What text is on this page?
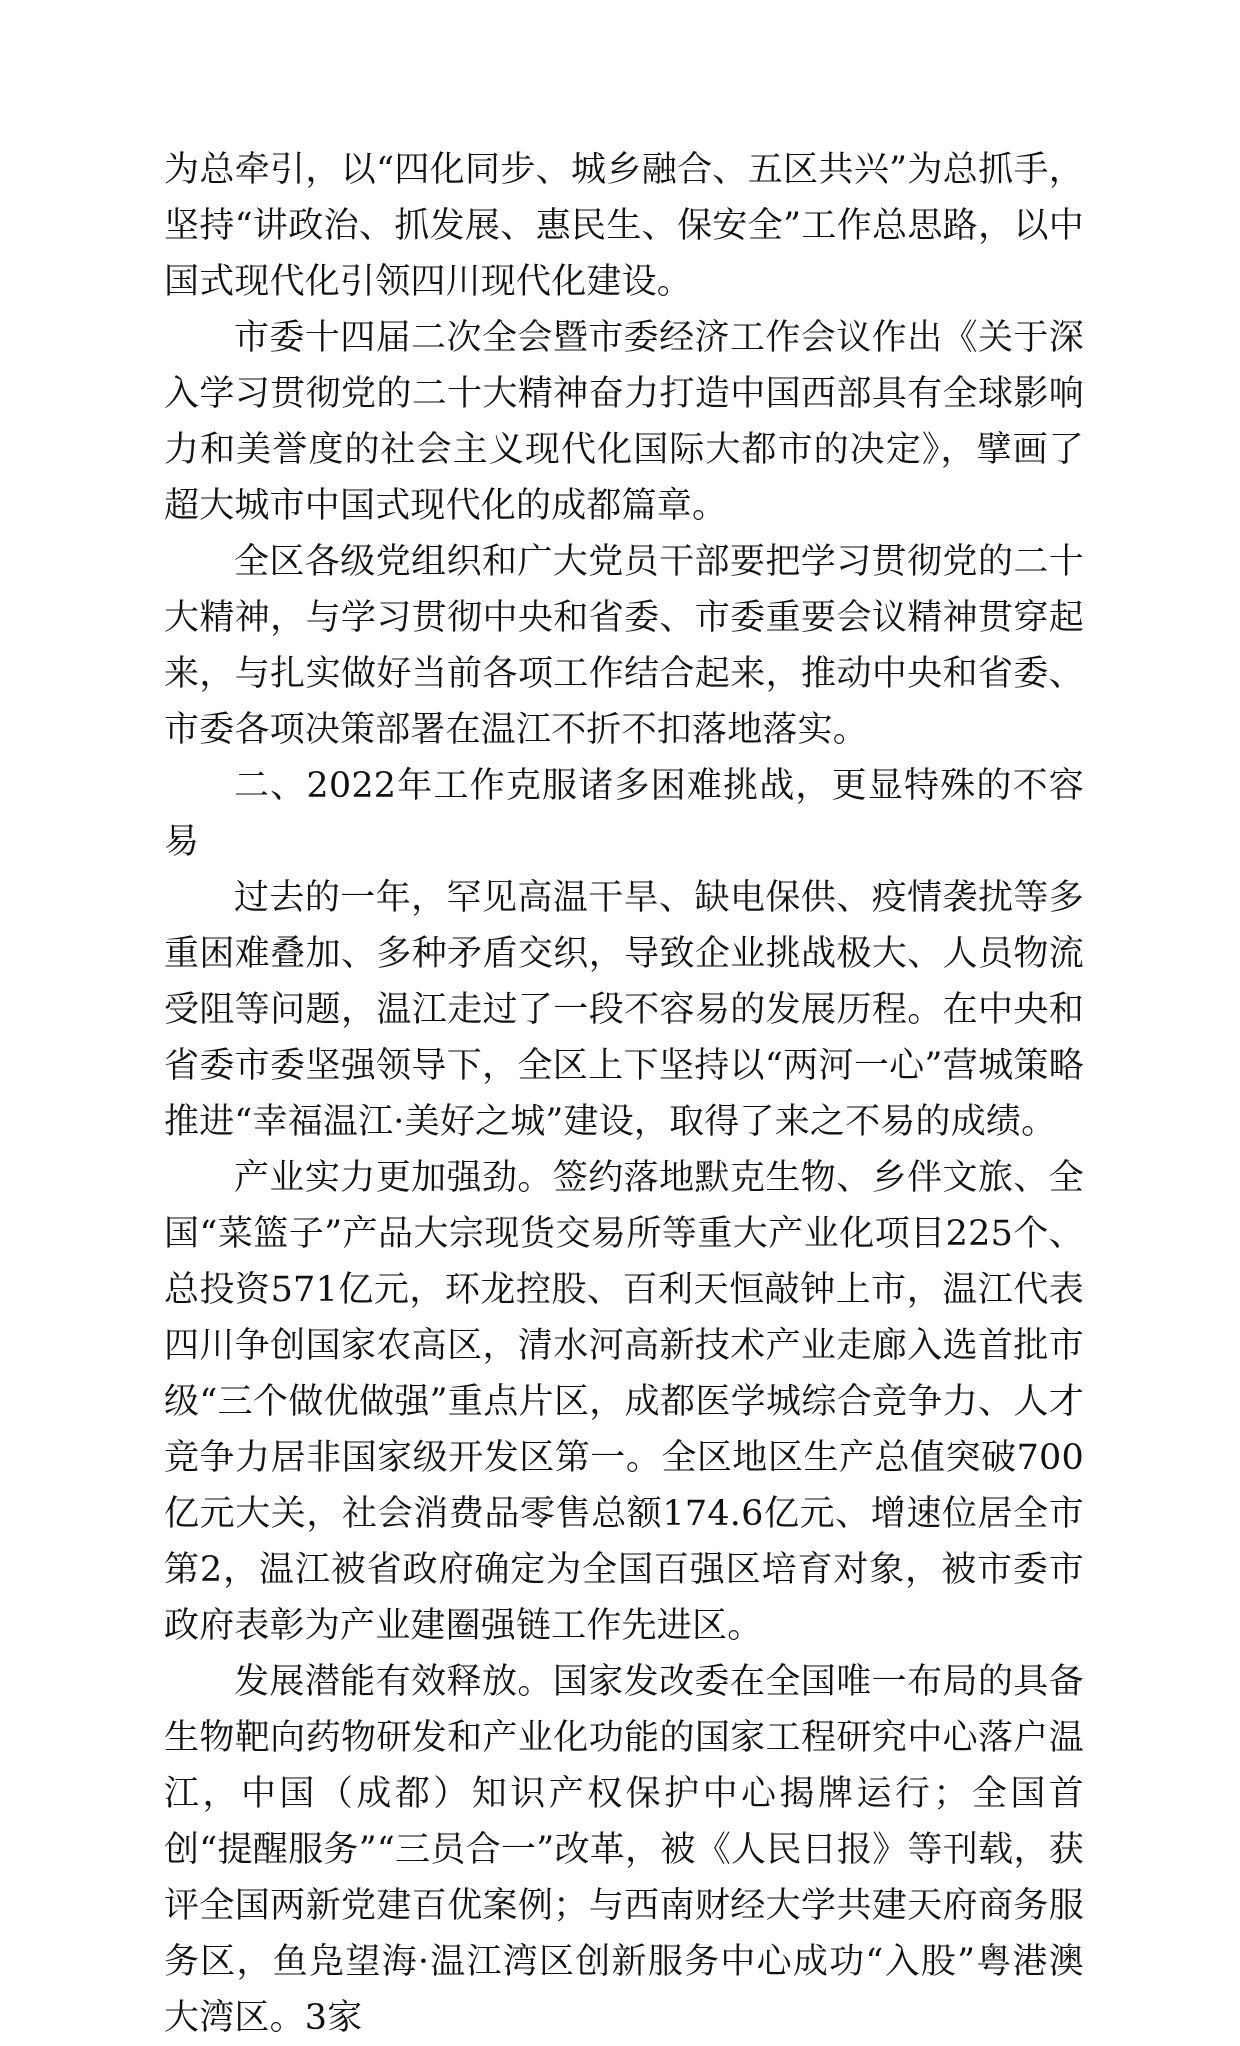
为总牵引，以“四化同步、城乡融合、五区共兴”为总抓手，坚持“讲政治、抓发展、惠民生、保安全”工作总思路，以中国式现代化引领四川现代化建设。

市委十四届二次全会暨市委经济工作会议作出《关于深入学习贯彻党的二十大精神奋力打造中国西部具有全球影响力和美誉度的社会主义现代化国际大都市的决定》，擘画了超大城市中国式现代化的成都篇章。

全区各级党组织和广大党员干部要把学习贯彻党的二十大精神，与学习贯彻中央和省委、市委重要会议精神贯穿起来，与扎实做好当前各项工作结合起来，推动中央和省委、市委各项决策部署在温江不折不扣落地落实。

二、2022年工作克服诸多困难挑战，更显特殊的不容易

过去的一年，罕见高温干旱、缺电保供、疫情袭扰等多重困难叠加、多种矛盾交织，导致企业挑战极大、人员物流受阻等问题，温江走过了一段不容易的发展历程。在中央和省委市委坚强领导下，全区上下坚持以“两河一心”营城策略推进“幸福温江·美好之城”建设，取得了来之不易的成绩。

产业实力更加强劲。签约落地默克生物、乡伴文旅、全国“菜篮子”产品大宗现货交易所等重大产业化项目225个、总投资571亿元，环龙控股、百利天恒敲钟上市，温江代表四川争创国家农高区，清水河高新技术产业走廊入选首批市级“三个做优做强”重点片区，成都医学城综合竞争力、人才竞争力居非国家级开发区第一。全区地区生产总值突破700亿元大关，社会消费品零售总额174.6亿元、增速位居全市第2，温江被省政府确定为全国百强区培育对象，被市委市政府表彰为产业建圈强链工作先进区。

发展潜能有效释放。国家发改委在全国唯一布局的具备生物靶向药物研发和产业化功能的国家工程研究中心落户温江，中国（成都）知识产权保护中心揭牌运行；全国首创“提醒服务”“三员合一”改革，被《人民日报》等刊载，获评全国两新党建百优案例；与西南财经大学共建天府商务服务区，鱼凫望海·温江湾区创新服务中心成功“入股”粤港澳大湾区。3家
